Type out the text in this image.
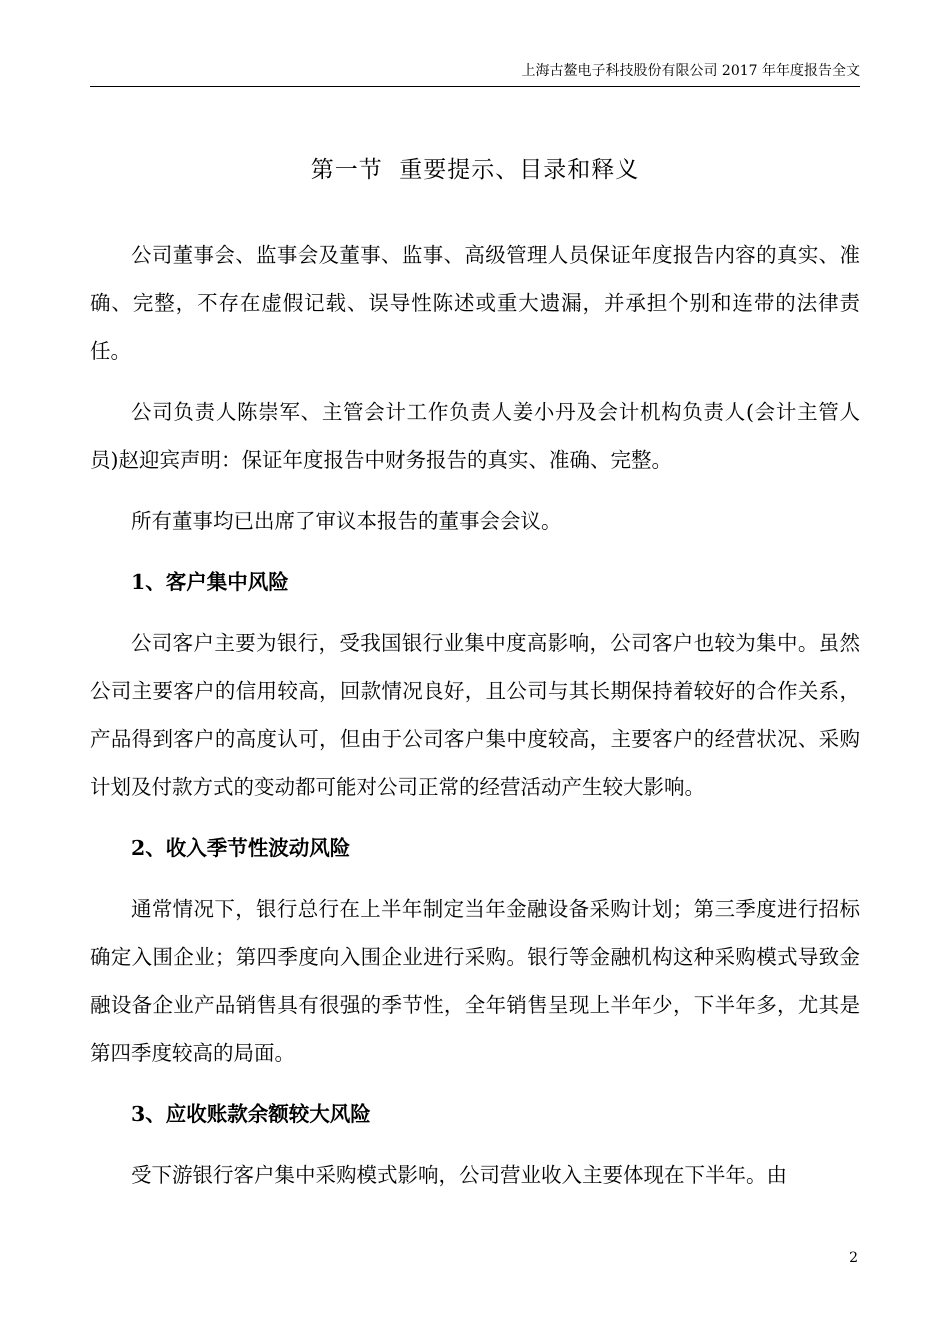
上海古鳌电子科技股份有限公司 2017 年年度报告全文
第一节  重要提示、目录和释义

公司董事会、监事会及董事、监事、高级管理人员保证年度报告内容的真实、准确、完整，不存在虚假记载、误导性陈述或重大遗漏，并承担个别和连带的法律责任。

公司负责人陈崇军、主管会计工作负责人姜小丹及会计机构负责人(会计主管人员)赵迎宾声明：保证年度报告中财务报告的真实、准确、完整。

所有董事均已出席了审议本报告的董事会会议。

1、客户集中风险

公司客户主要为银行，受我国银行业集中度高影响，公司客户也较为集中。虽然公司主要客户的信用较高，回款情况良好，且公司与其长期保持着较好的合作关系，产品得到客户的高度认可，但由于公司客户集中度较高，主要客户的经营状况、采购计划及付款方式的变动都可能对公司正常的经营活动产生较大影响。

2、收入季节性波动风险

通常情况下，银行总行在上半年制定当年金融设备采购计划；第三季度进行招标确定入围企业；第四季度向入围企业进行采购。银行等金融机构这种采购模式导致金融设备企业产品销售具有很强的季节性，全年销售呈现上半年少，下半年多，尤其是第四季度较高的局面。

3、应收账款余额较大风险

受下游银行客户集中采购模式影响，公司营业收入主要体现在下半年。由

2
